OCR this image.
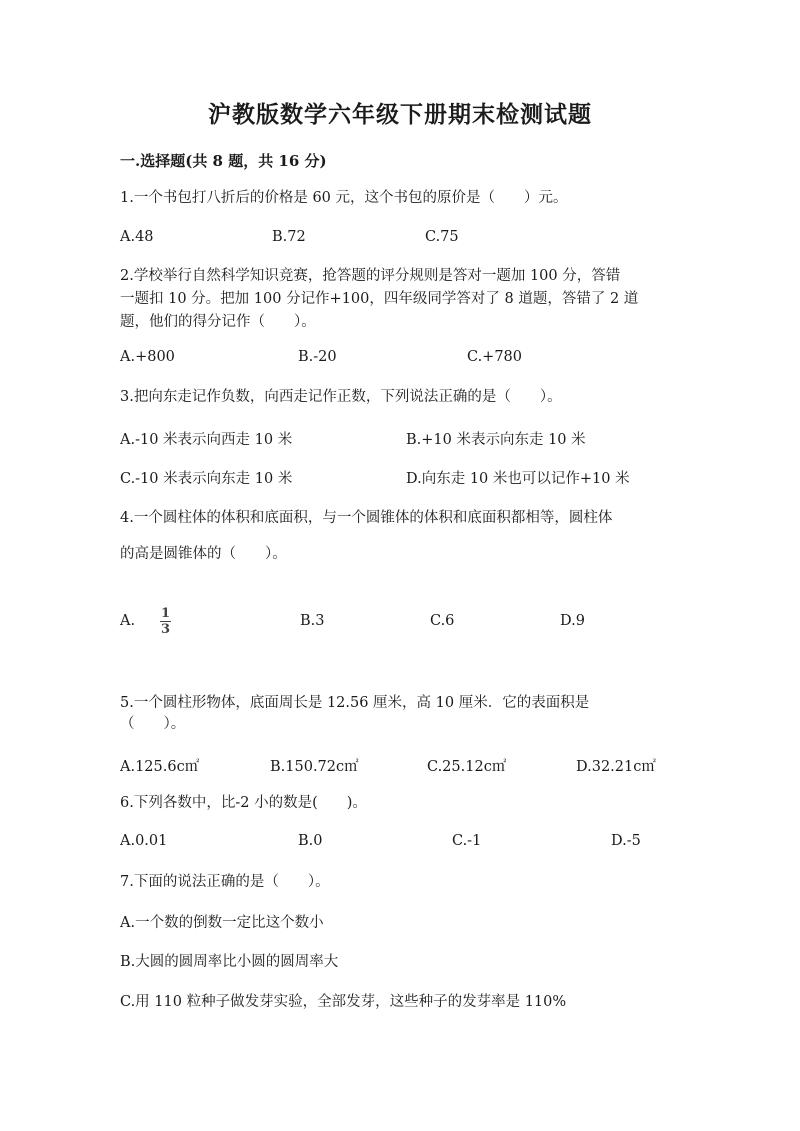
沪教版数学六年级下册期末检测试题
一.选择题(共 8 题，共 16 分)
1.一个书包打八折后的价格是 60 元，这个书包的原价是（　　）元。
A.48	B.72	C.75
2.学校举行自然科学知识竞赛，抢答题的评分规则是答对一题加 100 分，答错
一题扣 10 分。把加 100 分记作+100，四年级同学答对了 8 道题，答错了 2 道
题，他们的得分记作（　　）。
A.+800	B.-20	C.+780
3.把向东走记作负数，向西走记作正数，下列说法正确的是（　　）。
A.-10 米表示向西走 10 米	B.+10 米表示向东走 10 米
C.-10 米表示向东走 10 米	D.向东走 10 米也可以记作+10 米
4.一个圆柱体的体积和底面积，与一个圆锥体的体积和底面积都相等，圆柱体
的高是圆锥体的（　　）。
A. $\frac{1}{3}$	B.3	C.6	D.9
5.一个圆柱形物体，底面周长是 12.56 厘米，高 10 厘米．它的表面积是
（　　）。
A.125.6c㎡	B.150.72c㎡	C.25.12c㎡	D.32.21c㎡
6.下列各数中，比-2 小的数是(　　)。
A.0.01	B.0	C.-1	D.-5
7.下面的说法正确的是（　　）。
A.一个数的倒数一定比这个数小
B.大圆的圆周率比小圆的圆周率大
C.用 110 粒种子做发芽实验，全部发芽，这些种子的发芽率是 110%
